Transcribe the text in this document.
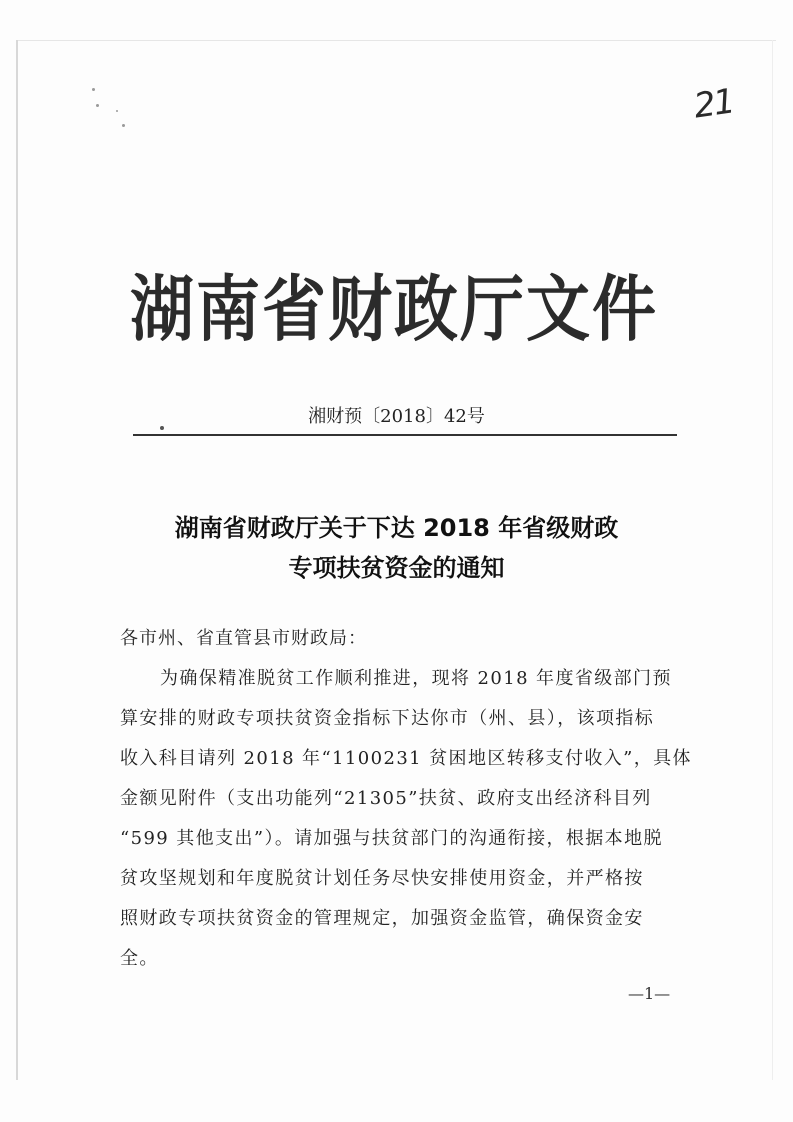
21
湖南省财政厅文件
湘财预〔2018〕42号
湖南省财政厅关于下达 2018 年省级财政
专项扶贫资金的通知
各市州、省直管县市财政局：
为确保精准脱贫工作顺利推进，现将 2018 年度省级部门预
算安排的财政专项扶贫资金指标下达你市（州、县），该项指标
收入科目请列 2018 年“1100231 贫困地区转移支付收入”，具体
金额见附件（支出功能列“21305”扶贫、政府支出经济科目列
“599 其他支出”）。请加强与扶贫部门的沟通衔接，根据本地脱
贫攻坚规划和年度脱贫计划任务尽快安排使用资金，并严格按
照财政专项扶贫资金的管理规定，加强资金监管，确保资金安
全。
—1—
